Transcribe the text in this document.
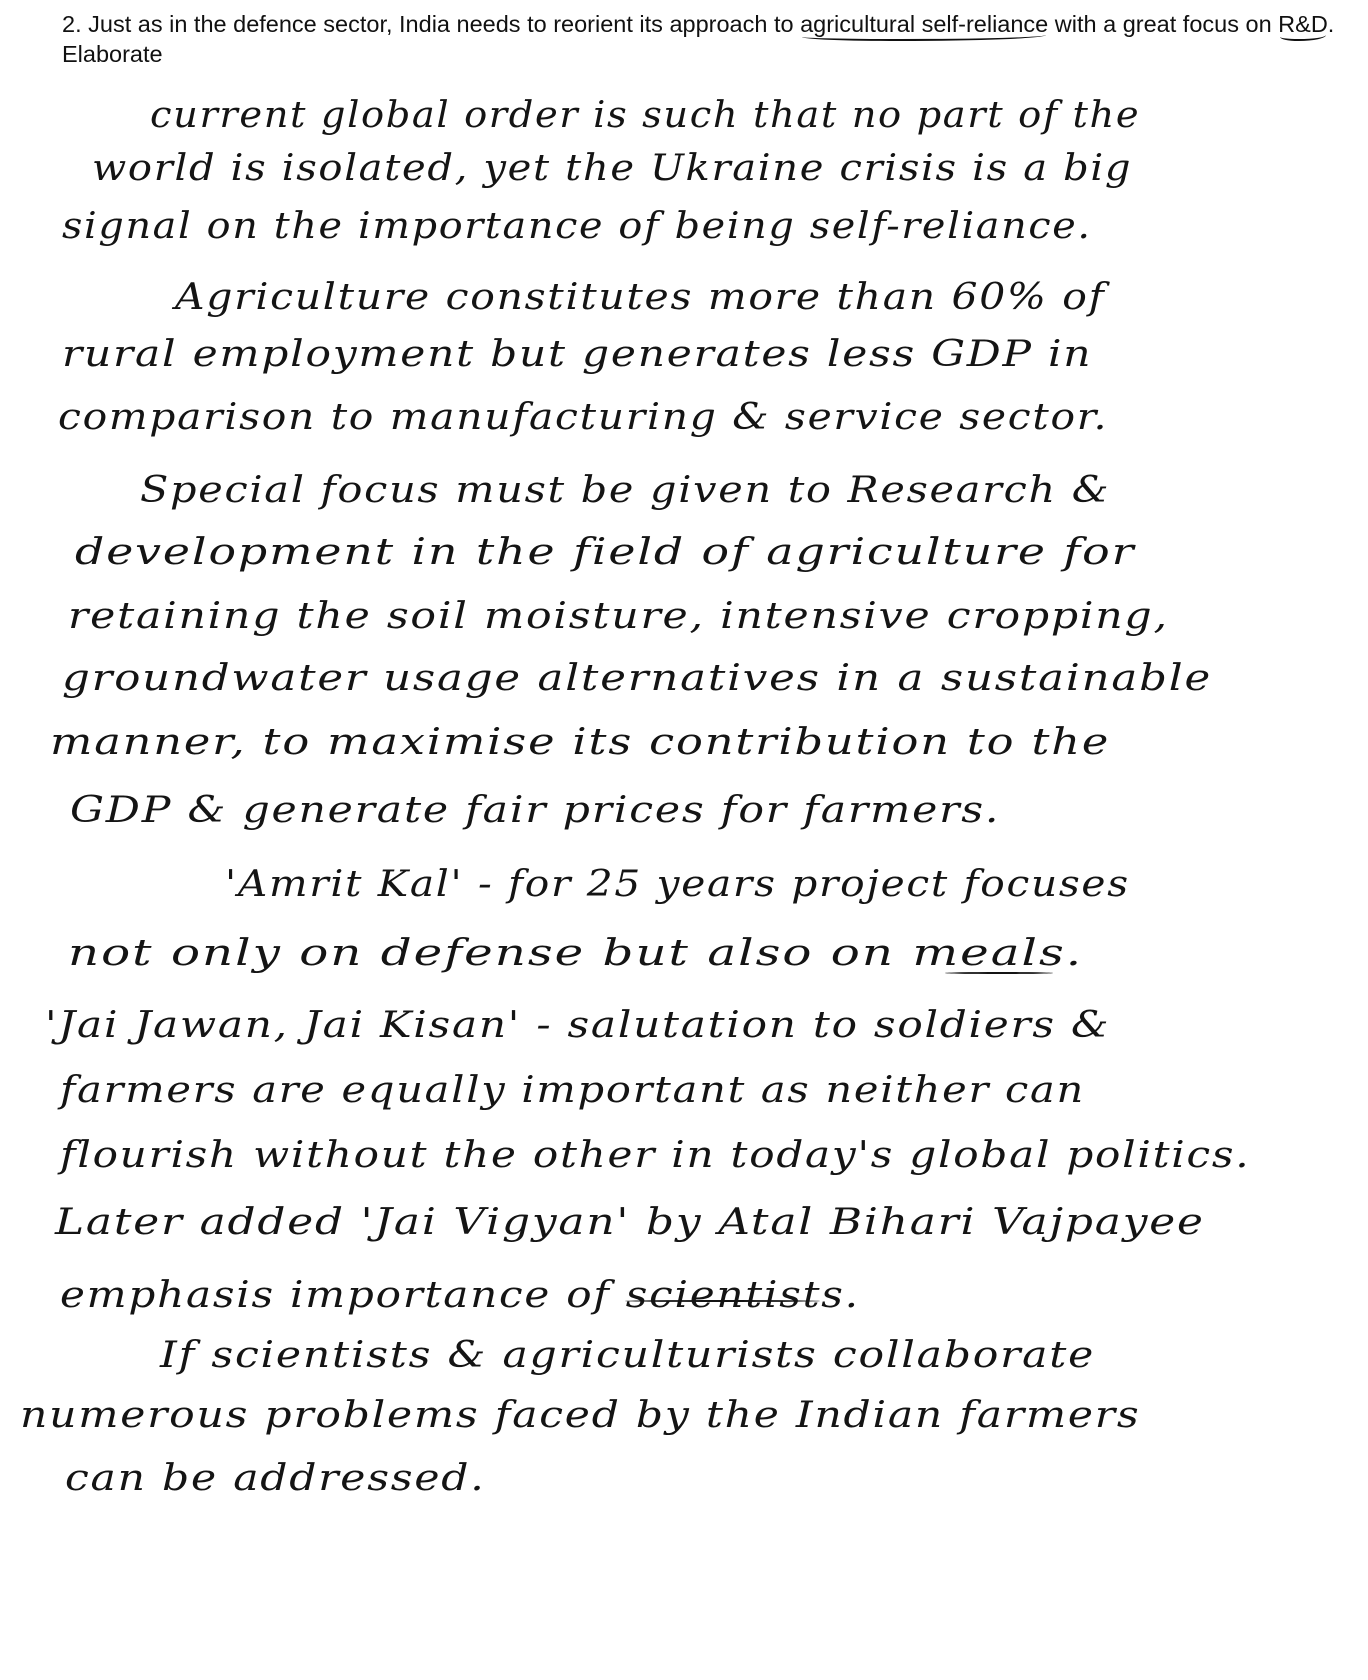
2. Just as in the defence sector, India needs to reorient its approach to agricultural self-reliance with a great focus on R&D. Elaborate
current global order is such that no part of the
world is isolated, yet the Ukraine crisis is a big
signal on the importance of being self-reliance.
Agriculture constitutes more than 60% of
rural employment but generates less GDP in
comparison to manufacturing & service sector.
Special focus must be given to Research &
development in the field of agriculture for
retaining the soil moisture, intensive cropping,
groundwater usage alternatives in a sustainable
manner, to maximise its contribution to the
GDP & generate fair prices for farmers.
'Amrit Kal' - for 25 years project focuses
not only on defense but also on meals.
'Jai Jawan, Jai Kisan' - salutation to soldiers &
farmers are equally important as neither can
flourish without the other in today's global politics.
Later added 'Jai Vigyan' by Atal Bihari Vajpayee
emphasis importance of scientists.
If scientists & agriculturists collaborate
numerous problems faced by the Indian farmers
can be addressed.
